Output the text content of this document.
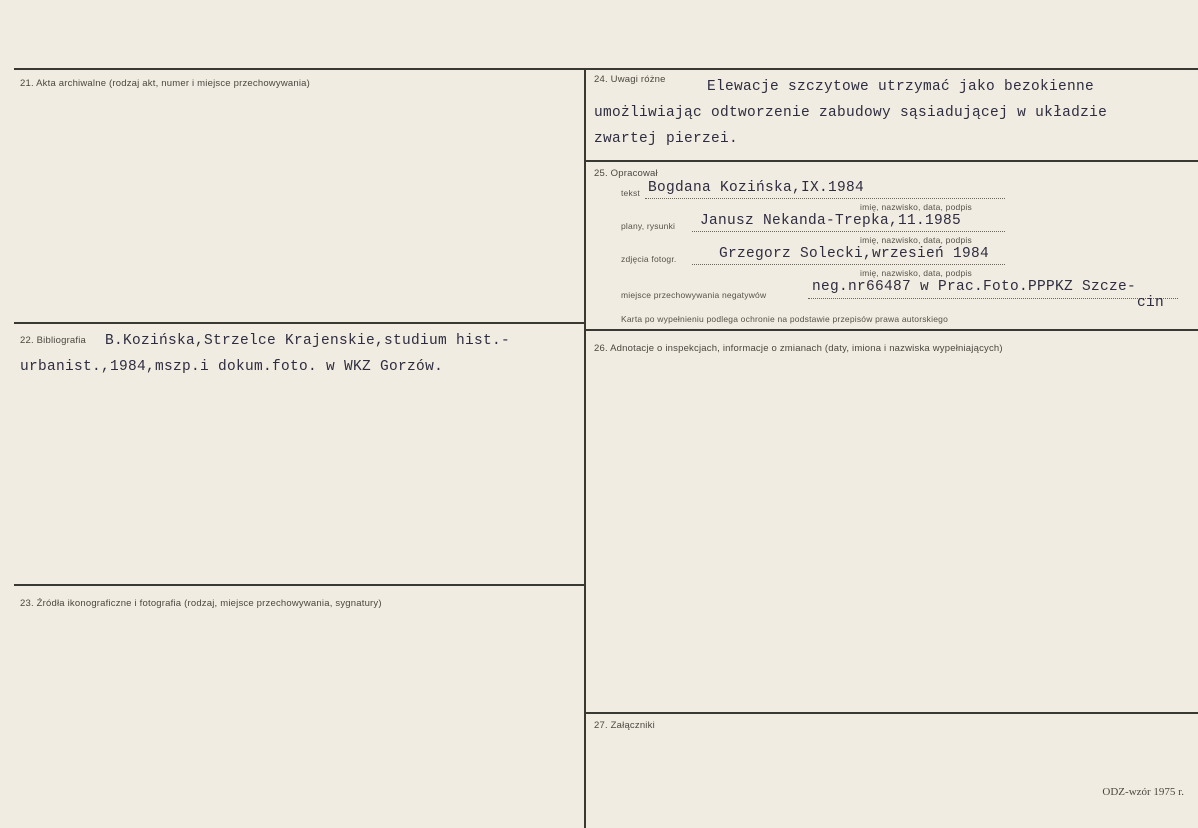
21. Akta archiwalne (rodzaj akt, numer i miejsce przechowywania)
22. Bibliografia B.Kozińska,Strzelce Krajenskie,studium hist.-
urbanist.,1984,mszp.i dokum.foto. w WKZ Gorzów.
23. Źródła ikonograficzne i fotografia (rodzaj, miejsce przechowywania, sygnatury)
24. Uwagi różne	Elewacje szczytowe utrzymać jako bezokienne
umożliwiając odtworzenie zabudowy sąsiadującej w układzie
zwartej pierzei.
25. Opracował
tekst Bogdana Kozińska,IX.1984
imię, nazwisko, data, podpis
plany, rysunki Janusz Nekanda-Trepka,11.1985
imię, nazwisko, data, podpis
zdjęcia fotogr.	Grzegorz Solecki,wrzesień 1984
imię, nazwisko, data, podpis
miejsce przechowywania negatywów	neg.nr66487 w Prac.Foto.PPPKZ Szcze-
cin
Karta po wypełnieniu podlega ochronie na podstawie przepisów prawa autorskiego
26. Adnotacje o inspekcjach, informacje o zmianach (daty, imiona i nazwiska wypełniających)
27. Załączniki
ODZ-wzór 1975 r.
